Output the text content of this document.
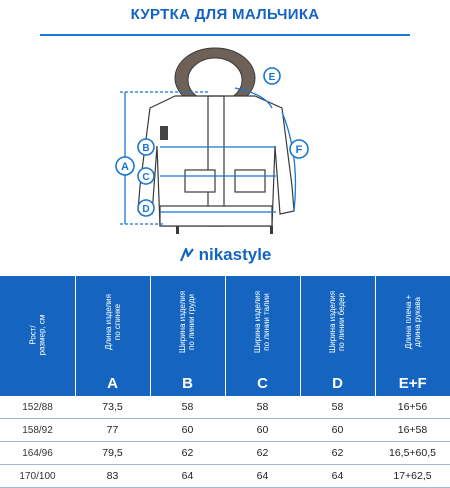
КУРТКА ДЛЯ МАЛЬЧИКА
A
B
C
D
E
F
nikastyle
Рост/ размер, см	Длина изделия по спинке	Ширина изделия по линии груди	Ширина изделия по линии талии	Ширина изделия по линии бедер	Длина плеча + длина рукава

	A	B	C	D	E+F
152/88	73,5	58	58	58	16+56
158/92	77	60	60	60	16+58
164/96	79,5	62	62	62	16,5+60,5
170/100	83	64	64	64	17+62,5
